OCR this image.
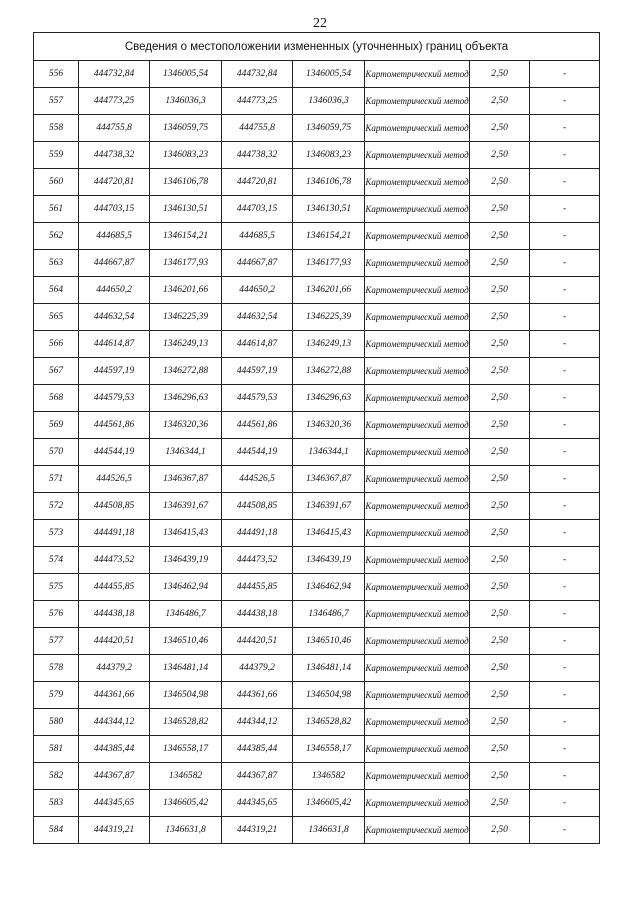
22
Сведения о местоположении измененных (уточненных) границ объекта							
556	444732,84	1346005,54	444732,84	1346005,54	Картометрический метод	2,50	-
557	444773,25	1346036,3	444773,25	1346036,3	Картометрический метод	2,50	-
558	444755,8	1346059,75	444755,8	1346059,75	Картометрический метод	2,50	-
559	444738,32	1346083,23	444738,32	1346083,23	Картометрический метод	2,50	-
560	444720,81	1346106,78	444720,81	1346106,78	Картометрический метод	2,50	-
561	444703,15	1346130,51	444703,15	1346130,51	Картометрический метод	2,50	-
562	444685,5	1346154,21	444685,5	1346154,21	Картометрический метод	2,50	-
563	444667,87	1346177,93	444667,87	1346177,93	Картометрический метод	2,50	-
564	444650,2	1346201,66	444650,2	1346201,66	Картометрический метод	2,50	-
565	444632,54	1346225,39	444632,54	1346225,39	Картометрический метод	2,50	-
566	444614,87	1346249,13	444614,87	1346249,13	Картометрический метод	2,50	-
567	444597,19	1346272,88	444597,19	1346272,88	Картометрический метод	2,50	-
568	444579,53	1346296,63	444579,53	1346296,63	Картометрический метод	2,50	-
569	444561,86	1346320,36	444561,86	1346320,36	Картометрический метод	2,50	-
570	444544,19	1346344,1	444544,19	1346344,1	Картометрический метод	2,50	-
571	444526,5	1346367,87	444526,5	1346367,87	Картометрический метод	2,50	-
572	444508,85	1346391,67	444508,85	1346391,67	Картометрический метод	2,50	-
573	444491,18	1346415,43	444491,18	1346415,43	Картометрический метод	2,50	-
574	444473,52	1346439,19	444473,52	1346439,19	Картометрический метод	2,50	-
575	444455,85	1346462,94	444455,85	1346462,94	Картометрический метод	2,50	-
576	444438,18	1346486,7	444438,18	1346486,7	Картометрический метод	2,50	-
577	444420,51	1346510,46	444420,51	1346510,46	Картометрический метод	2,50	-
578	444379,2	1346481,14	444379,2	1346481,14	Картометрический метод	2,50	-
579	444361,66	1346504,98	444361,66	1346504,98	Картометрический метод	2,50	-
580	444344,12	1346528,82	444344,12	1346528,82	Картометрический метод	2,50	-
581	444385,44	1346558,17	444385,44	1346558,17	Картометрический метод	2,50	-
582	444367,87	1346582	444367,87	1346582	Картометрический метод	2,50	-
583	444345,65	1346605,42	444345,65	1346605,42	Картометрический метод	2,50	-
584	444319,21	1346631,8	444319,21	1346631,8	Картометрический метод	2,50	-
